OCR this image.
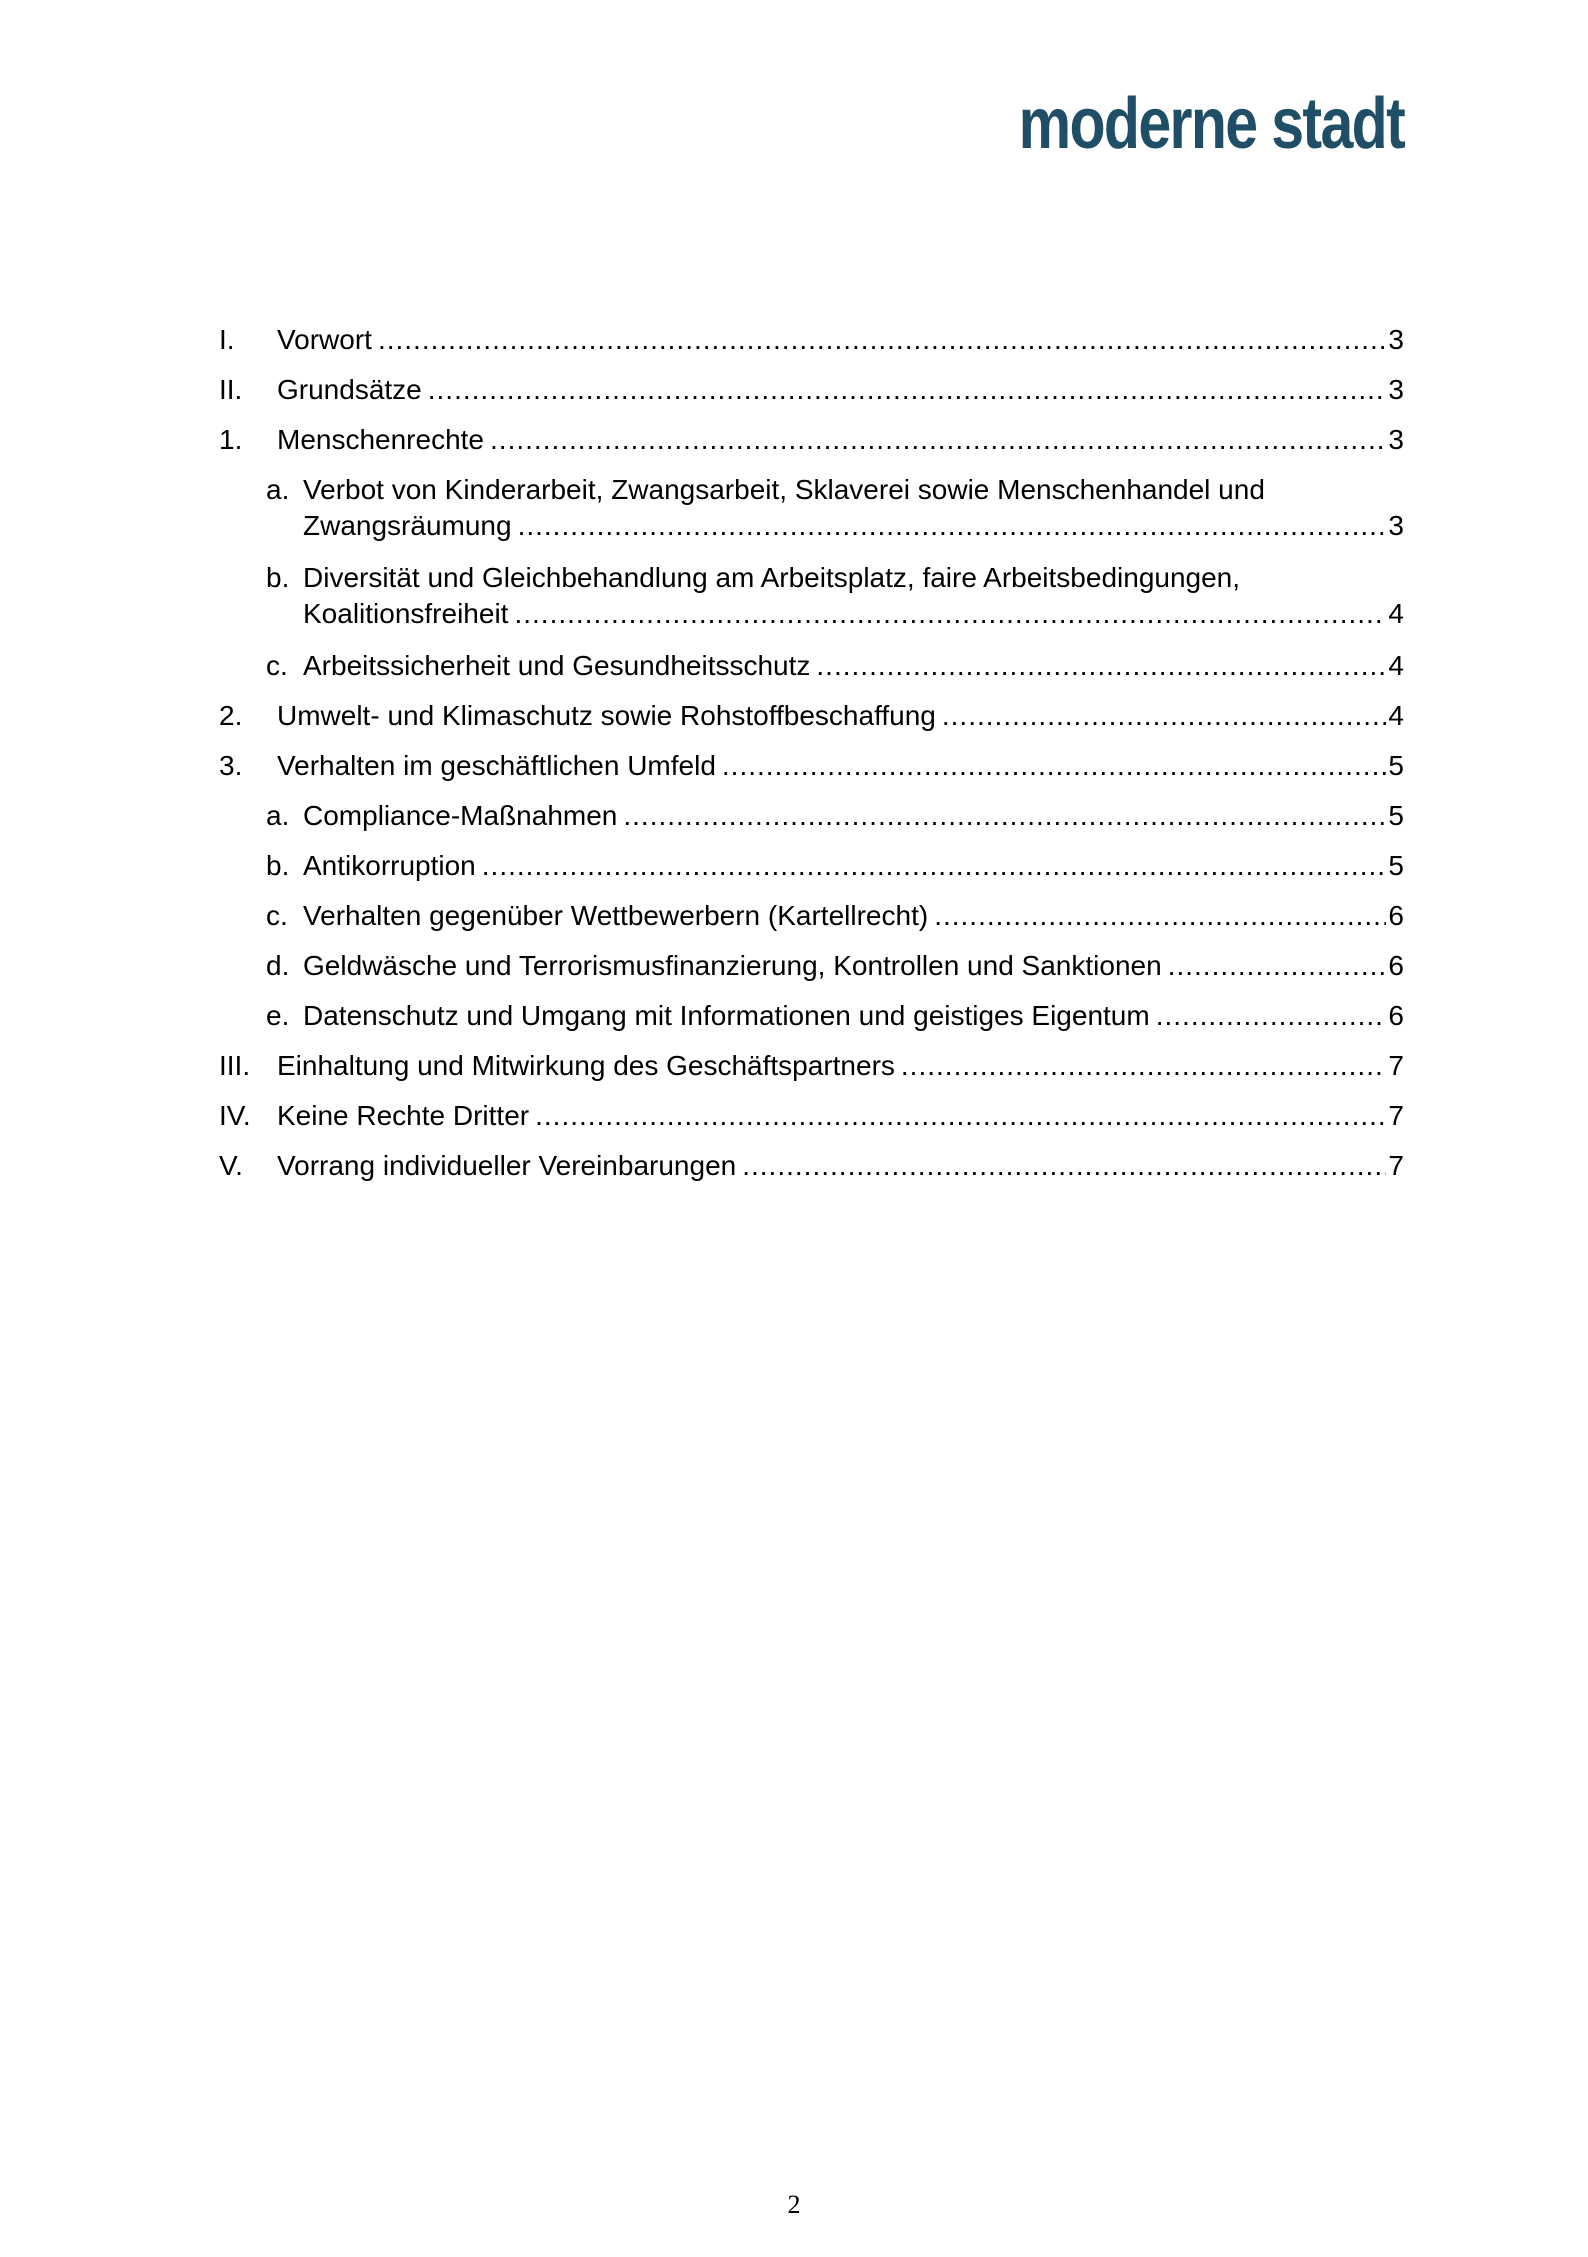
moderne stadt
I. Vorwort .....	3
II. Grundsätze .....	3
1. Menschenrechte .....	3
a. Verbot von Kinderarbeit, Zwangsarbeit, Sklaverei sowie Menschenhandel und
Zwangsräumung .....	3
b. Diversität und Gleichbehandlung am Arbeitsplatz, faire Arbeitsbedingungen,
Koalitionsfreiheit .....	4
c. Arbeitssicherheit und Gesundheitsschutz .....	4
2. Umwelt- und Klimaschutz sowie Rohstoffbeschaffung .....	4
3. Verhalten im geschäftlichen Umfeld .....	5
a. Compliance-Maßnahmen .....	5
b. Antikorruption .....	5
c. Verhalten gegenüber Wettbewerbern (Kartellrecht) .....	6
d. Geldwäsche und Terrorismusfinanzierung, Kontrollen und Sanktionen .....	6
e. Datenschutz und Umgang mit Informationen und geistiges Eigentum .....	6
III. Einhaltung und Mitwirkung des Geschäftspartners .....	7
IV. Keine Rechte Dritter .....	7
V. Vorrang individueller Vereinbarungen .....	7
2
